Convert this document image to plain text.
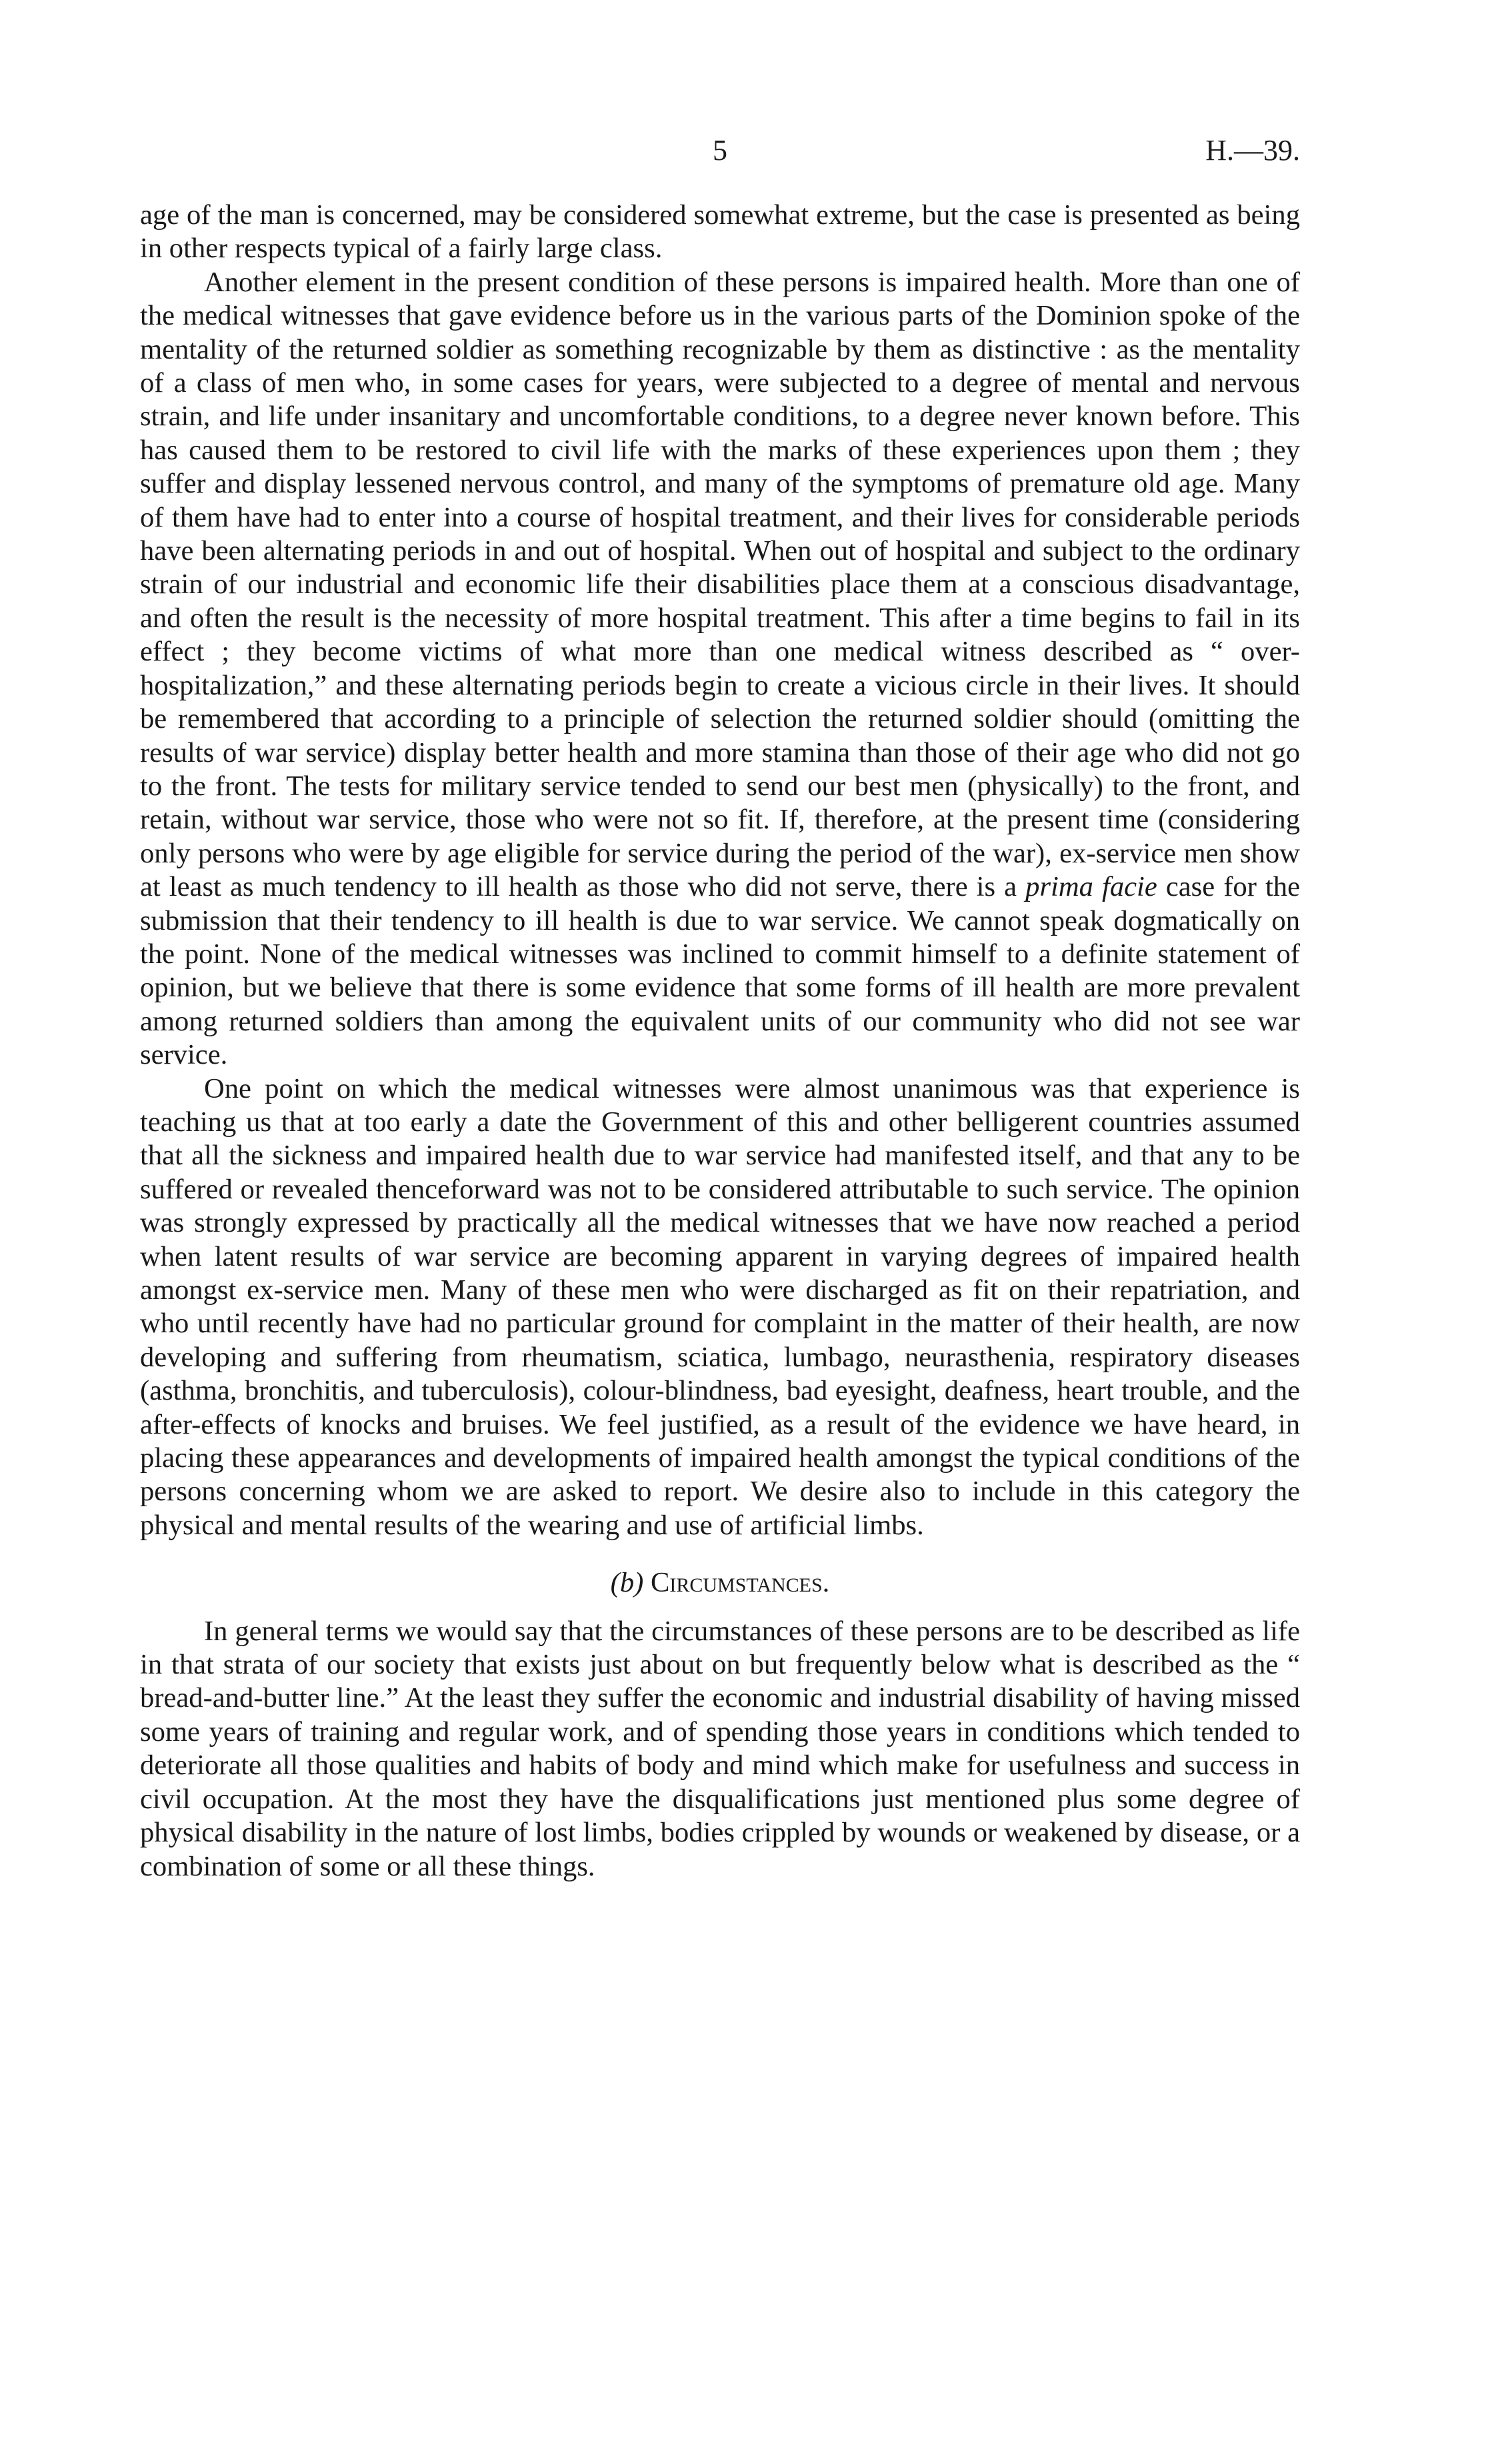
5	H.—39.

age of the man is concerned, may be considered somewhat extreme, but the case is presented as being in other respects typical of a fairly large class.

Another element in the present condition of these persons is impaired health. More than one of the medical witnesses that gave evidence before us in the various parts of the Dominion spoke of the mentality of the returned soldier as something recognizable by them as distinctive : as the mentality of a class of men who, in some cases for years, were subjected to a degree of mental and nervous strain, and life under insanitary and uncomfortable conditions, to a degree never known before. This has caused them to be restored to civil life with the marks of these experiences upon them ; they suffer and display lessened nervous control, and many of the symptoms of premature old age. Many of them have had to enter into a course of hospital treatment, and their lives for considerable periods have been alternating periods in and out of hospital. When out of hospital and subject to the ordinary strain of our industrial and economic life their disabilities place them at a conscious disadvantage, and often the result is the necessity of more hospital treatment. This after a time begins to fail in its effect ; they become victims of what more than one medical witness described as “ over-hospitalization,” and these alternating periods begin to create a vicious circle in their lives. It should be remembered that according to a principle of selection the returned soldier should (omitting the results of war service) display better health and more stamina than those of their age who did not go to the front. The tests for military service tended to send our best men (physically) to the front, and retain, without war service, those who were not so fit. If, therefore, at the present time (considering only persons who were by age eligible for service during the period of the war), ex-service men show at least as much tendency to ill health as those who did not serve, there is a prima facie case for the submission that their tendency to ill health is due to war service. We cannot speak dogmatically on the point. None of the medical witnesses was inclined to commit himself to a definite statement of opinion, but we believe that there is some evidence that some forms of ill health are more prevalent among returned soldiers than among the equivalent units of our community who did not see war service.

One point on which the medical witnesses were almost unanimous was that experience is teaching us that at too early a date the Government of this and other belligerent countries assumed that all the sickness and impaired health due to war service had manifested itself, and that any to be suffered or revealed thenceforward was not to be considered attributable to such service. The opinion was strongly expressed by practically all the medical witnesses that we have now reached a period when latent results of war service are becoming apparent in varying degrees of impaired health amongst ex-service men. Many of these men who were discharged as fit on their repatriation, and who until recently have had no particular ground for complaint in the matter of their health, are now developing and suffering from rheumatism, sciatica, lumbago, neurasthenia, respiratory diseases (asthma, bronchitis, and tuberculosis), colour-blindness, bad eyesight, deafness, heart trouble, and the after-effects of knocks and bruises. We feel justified, as a result of the evidence we have heard, in placing these appearances and developments of impaired health amongst the typical conditions of the persons concerning whom we are asked to report. We desire also to include in this category the physical and mental results of the wearing and use of artificial limbs.

(b) Circumstances.

In general terms we would say that the circumstances of these persons are to be described as life in that strata of our society that exists just about on but frequently below what is described as the “ bread-and-butter line.” At the least they suffer the economic and industrial disability of having missed some years of training and regular work, and of spending those years in conditions which tended to deteriorate all those qualities and habits of body and mind which make for usefulness and success in civil occupation. At the most they have the disqualifications just mentioned plus some degree of physical disability in the nature of lost limbs, bodies crippled by wounds or weakened by disease, or a combination of some or all these things.
